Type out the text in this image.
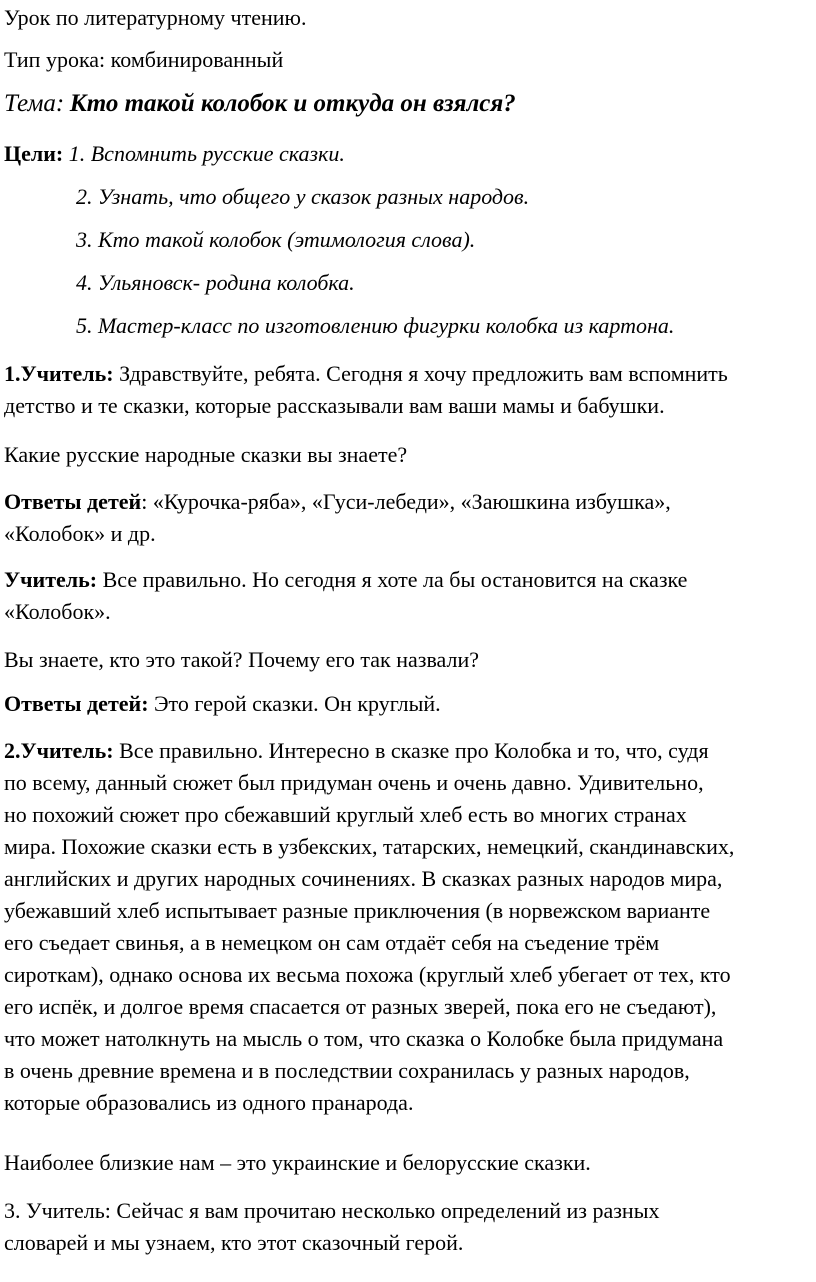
Урок по литературному чтению.

Тип урока: комбинированный

Тема: Кто такой колобок и откуда он взялся?

Цели: 1. Вспомнить русские сказки.

2. Узнать, что общего у сказок разных народов.

3. Кто такой колобок (этимология слова).

4. Ульяновск- родина колобка.

5. Мастер-класс по изготовлению фигурки колобка из картона.

1.Учитель: Здравствуйте, ребята. Сегодня я хочу предложить вам вспомнить

детство и те сказки, которые рассказывали вам ваши мамы и бабушки.

Какие русские народные сказки вы знаете?

Ответы детей: «Курочка-ряба», «Гуси-лебеди», «Заюшкина избушка»,

«Колобок» и др.

Учитель: Все правильно. Но сегодня я хоте ла бы остановится на сказке

«Колобок».

Вы знаете, кто это такой? Почему его так назвали?

Ответы детей: Это герой сказки. Он круглый.

2.Учитель: Все правильно. Интересно в сказке про Колобка и то, что, судя

по всему, данный сюжет был придуман очень и очень давно. Удивительно,

но похожий сюжет про сбежавший круглый хлеб есть во многих странах

мира. Похожие сказки есть в узбекских, татарских, немецкий, скандинавских,

английских и других народных сочинениях. В сказках разных народов мира,

убежавший хлеб испытывает разные приключения (в норвежском варианте

его съедает свинья, а в немецком он сам отдаёт себя на съедение трём

сироткам), однако основа их весьма похожа (круглый хлеб убегает от тех, кто

его испёк, и долгое время спасается от разных зверей, пока его не съедают),

что может натолкнуть на мысль о том, что сказка о Колобке была придумана

в очень древние времена и в последствии сохранилась у разных народов,

которые образовались из одного пранарода.

Наиболее близкие нам – это украинские и белорусские сказки.

3. Учитель: Сейчас я вам прочитаю несколько определений из разных

словарей и мы узнаем, кто этот сказочный герой.
